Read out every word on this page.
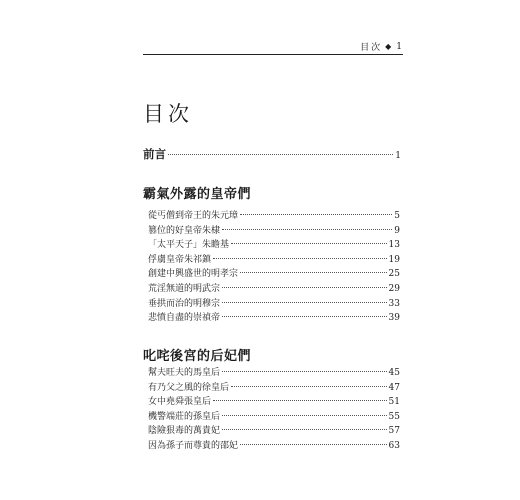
目次 ◆ 1
目次
前言	1
霸氣外露的皇帝們
從丐僧到帝王的朱元璋	5
篡位的好皇帝朱棣	9
「太平天子」朱瞻基	13
俘虜皇帝朱祁鎮	19
創建中興盛世的明孝宗	25
荒淫無道的明武宗	29
垂拱而治的明穆宗	33
悲憤自盡的崇禎帝	39
叱咤後宮的后妃們
幫夫旺夫的馬皇后	45
有乃父之風的徐皇后	47
女中堯舜張皇后	51
機警端莊的孫皇后	55
陰險狠毒的萬貴妃	57
因為孫子而尊貴的邵妃	63
